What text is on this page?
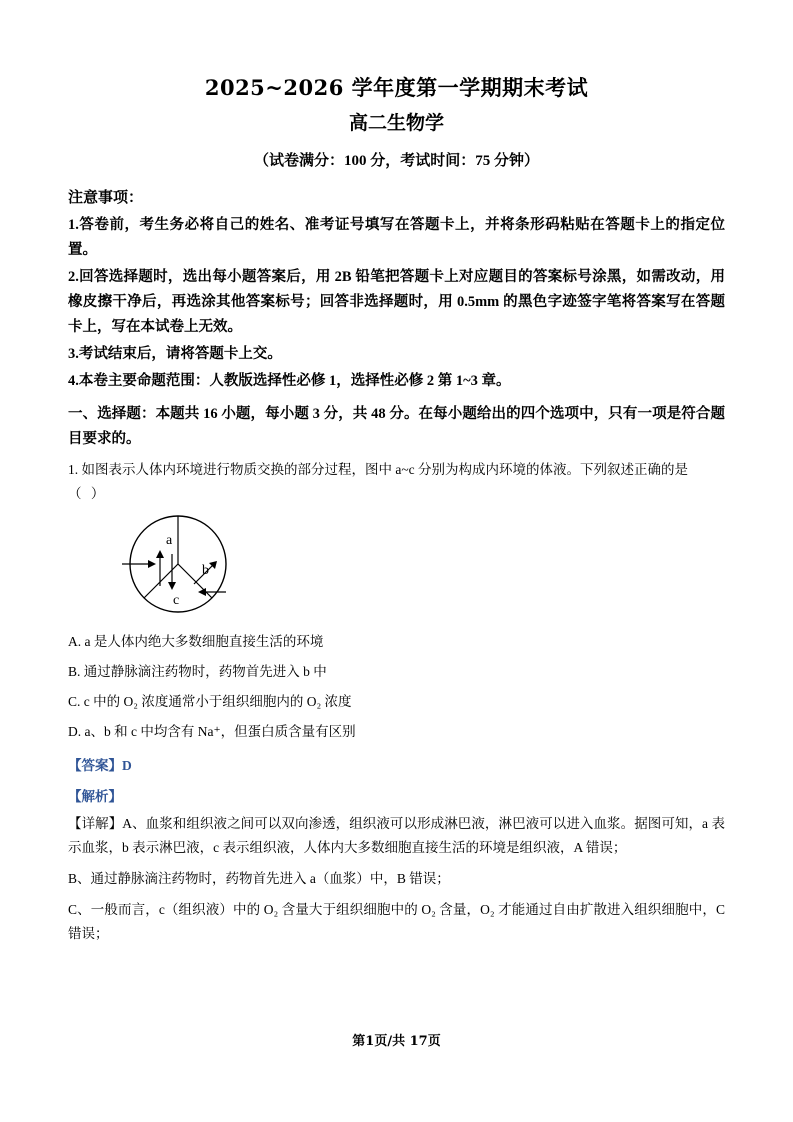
2025~2026 学年度第一学期期末考试
高二生物学
（试卷满分：100 分，考试时间：75 分钟）
注意事项：
1.答卷前，考生务必将自己的姓名、准考证号填写在答题卡上，并将条形码粘贴在答题卡上的指定位置。
2.回答选择题时，选出每小题答案后，用 2B 铅笔把答题卡上对应题目的答案标号涂黑，如需改动，用橡皮擦干净后，再选涂其他答案标号；回答非选择题时，用 0.5mm 的黑色字迹签字笔将答案写在答题卡上，写在本试卷上无效。
3.考试结束后，请将答题卡上交。
4.本卷主要命题范围：人教版选择性必修 1，选择性必修 2 第 1~3 章。
一、选择题：本题共 16 小题，每小题 3 分，共 48 分。在每小题给出的四个选项中，只有一项是符合题目要求的。
1. 如图表示人体内环境进行物质交换的部分过程，图中 a~c 分别为构成内环境的体液。下列叙述正确的是
（ ）
a
b
c
A. a 是人体内绝大多数细胞直接生活的环境
B. 通过静脉滴注药物时，药物首先进入 b 中
C. c 中的 O₂ 浓度通常小于组织细胞内的 O₂ 浓度
D. a、b 和 c 中均含有 Na⁺，但蛋白质含量有区别
【答案】D
【解析】
【详解】A、血浆和组织液之间可以双向渗透，组织液可以形成淋巴液，淋巴液可以进入血浆。据图可知，a 表示血浆，b 表示淋巴液，c 表示组织液，人体内大多数细胞直接生活的环境是组织液，A 错误；
B、通过静脉滴注药物时，药物首先进入 a（血浆）中，B 错误；
C、一般而言，c（组织液）中的 O₂ 含量大于组织细胞中的 O₂ 含量，O₂ 才能通过自由扩散进入组织细胞中，C 错误；
第1页/共 17页
